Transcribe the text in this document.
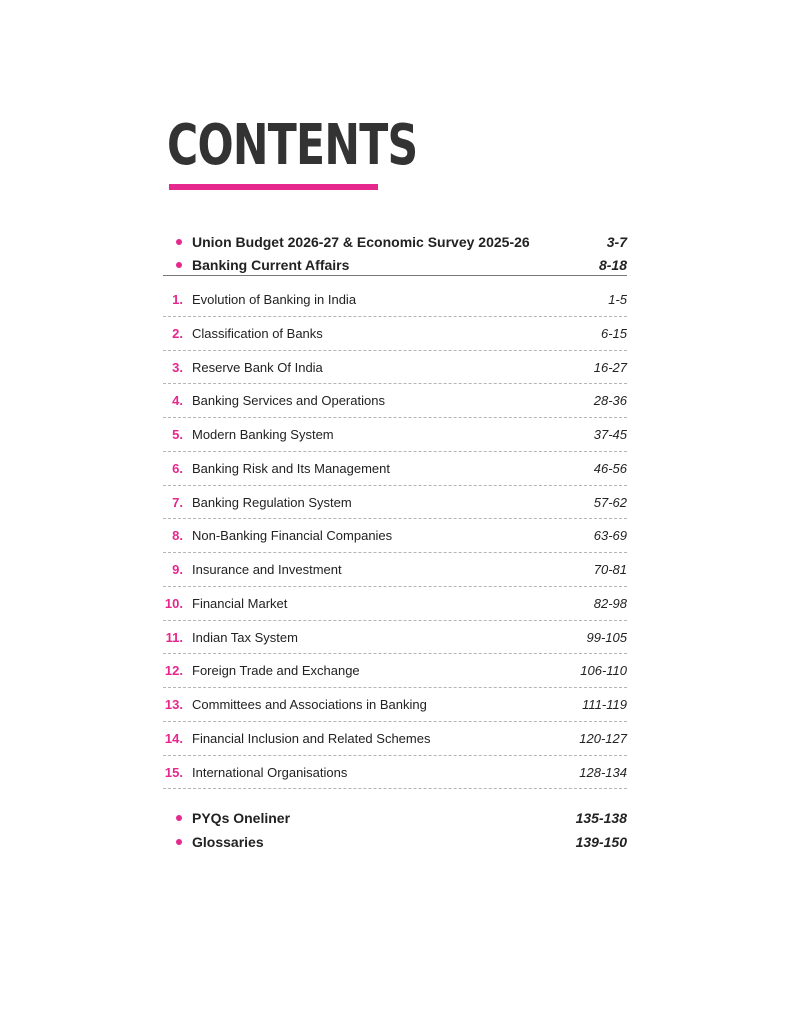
CONTENTS
Union Budget 2026-27 & Economic Survey 2025-26	3-7
Banking Current Affairs	8-18
1. Evolution of Banking in India	1-5
2. Classification of Banks	6-15
3. Reserve Bank Of India	16-27
4. Banking Services and Operations	28-36
5. Modern Banking System	37-45
6. Banking Risk and Its Management	46-56
7. Banking Regulation System	57-62
8. Non-Banking Financial Companies	63-69
9. Insurance and Investment	70-81
10. Financial Market	82-98
11. Indian Tax System	99-105
12. Foreign Trade and Exchange	106-110
13. Committees and Associations in Banking	111-119
14. Financial Inclusion and Related Schemes	120-127
15. International Organisations	128-134
PYQs Oneliner	135-138
Glossaries	139-150
